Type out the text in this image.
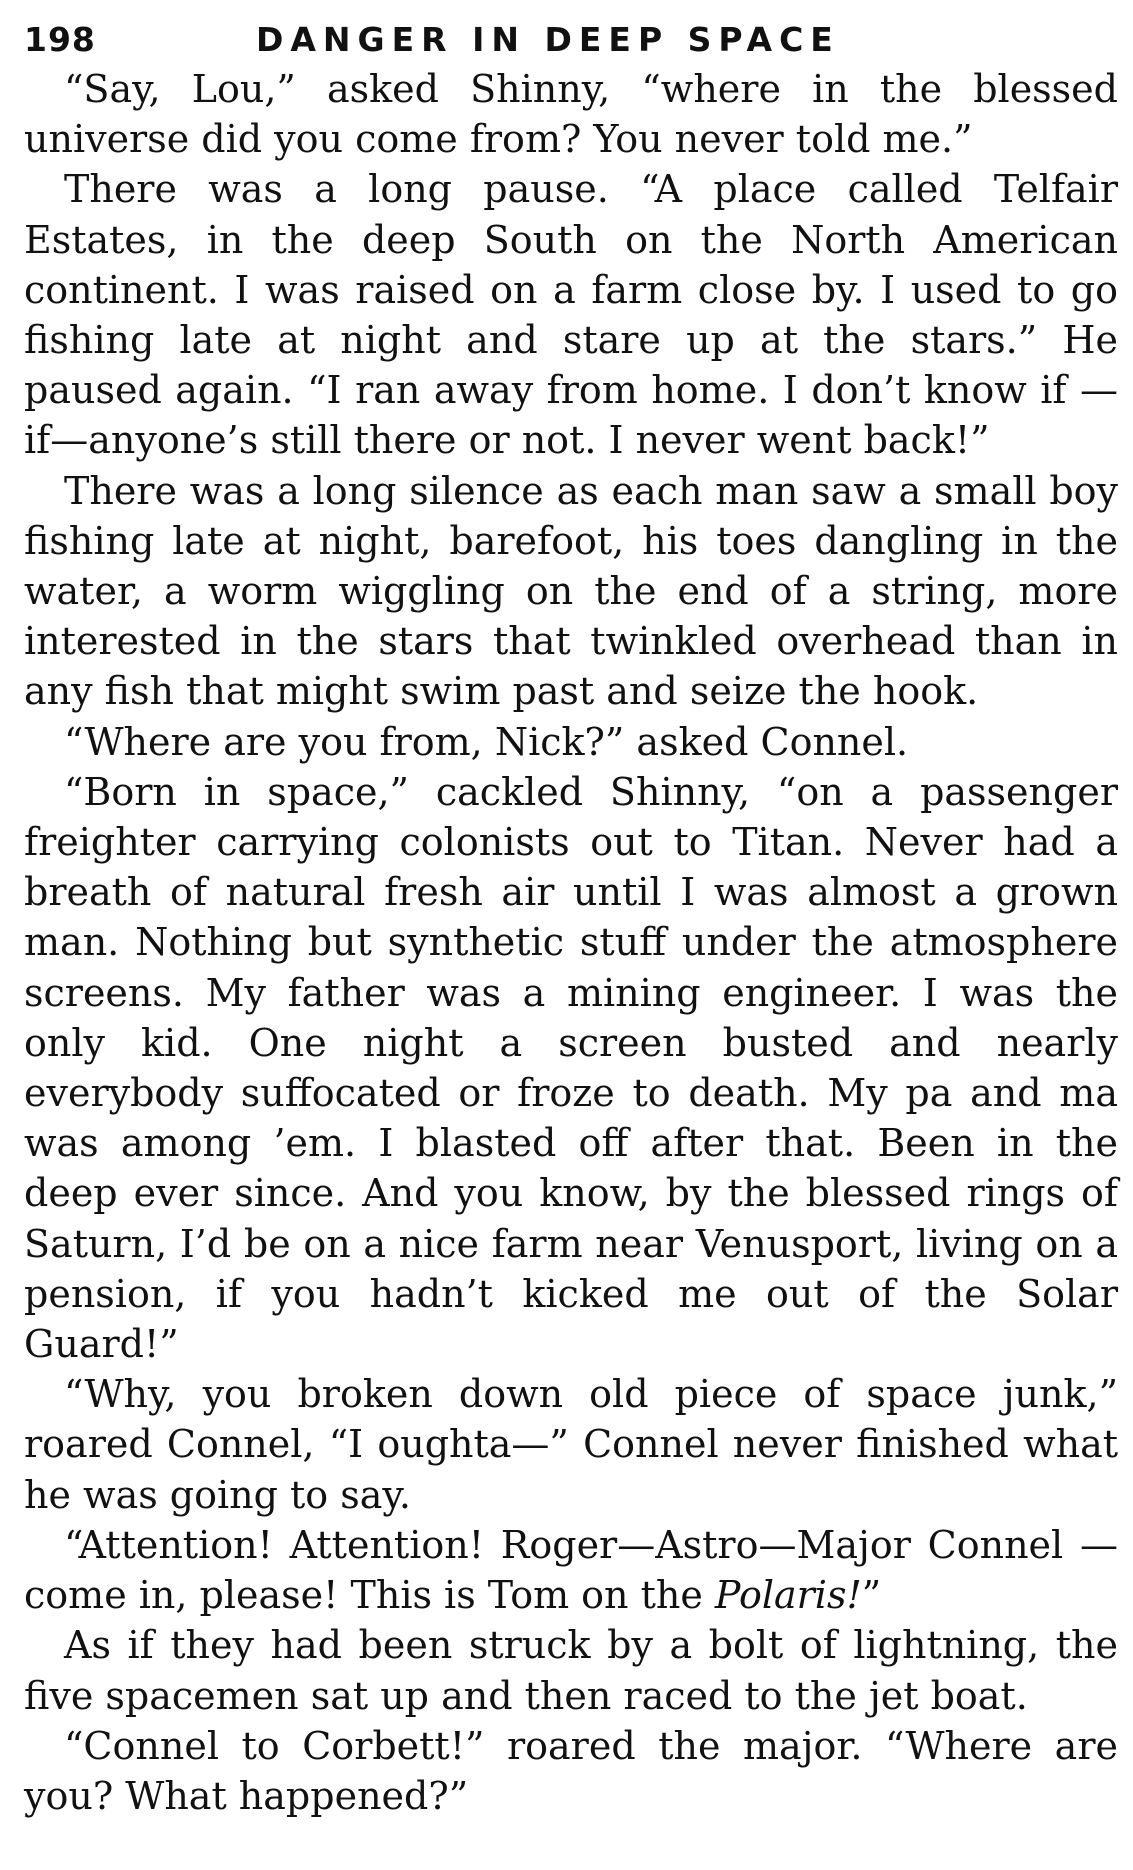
198	DANGER IN DEEP SPACE

“Say, Lou,” asked Shinny, “where in the blessed universe did you come from? You never told me.”

There was a long pause. “A place called Telfair Estates, in the deep South on the North American continent. I was raised on a farm close by. I used to go fishing late at night and stare up at the stars.” He paused again. “I ran away from home. I don’t know if —if—anyone’s still there or not. I never went back!”

There was a long silence as each man saw a small boy fishing late at night, barefoot, his toes dangling in the water, a worm wiggling on the end of a string, more interested in the stars that twinkled overhead than in any fish that might swim past and seize the hook.

“Where are you from, Nick?” asked Connel.

“Born in space,” cackled Shinny, “on a passenger freighter carrying colonists out to Titan. Never had a breath of natural fresh air until I was almost a grown man. Nothing but synthetic stuff under the atmosphere screens. My father was a mining engineer. I was the only kid. One night a screen busted and nearly everybody suffocated or froze to death. My pa and ma was among ’em. I blasted off after that. Been in the deep ever since. And you know, by the blessed rings of Saturn, I’d be on a nice farm near Venusport, living on a pension, if you hadn’t kicked me out of the Solar Guard!”

“Why, you broken down old piece of space junk,” roared Connel, “I oughta—” Connel never finished what he was going to say.

“Attention! Attention! Roger—Astro—Major Connel —come in, please! This is Tom on the Polaris!”

As if they had been struck by a bolt of lightning, the five spacemen sat up and then raced to the jet boat.

“Connel to Corbett!” roared the major. “Where are you? What happened?”
